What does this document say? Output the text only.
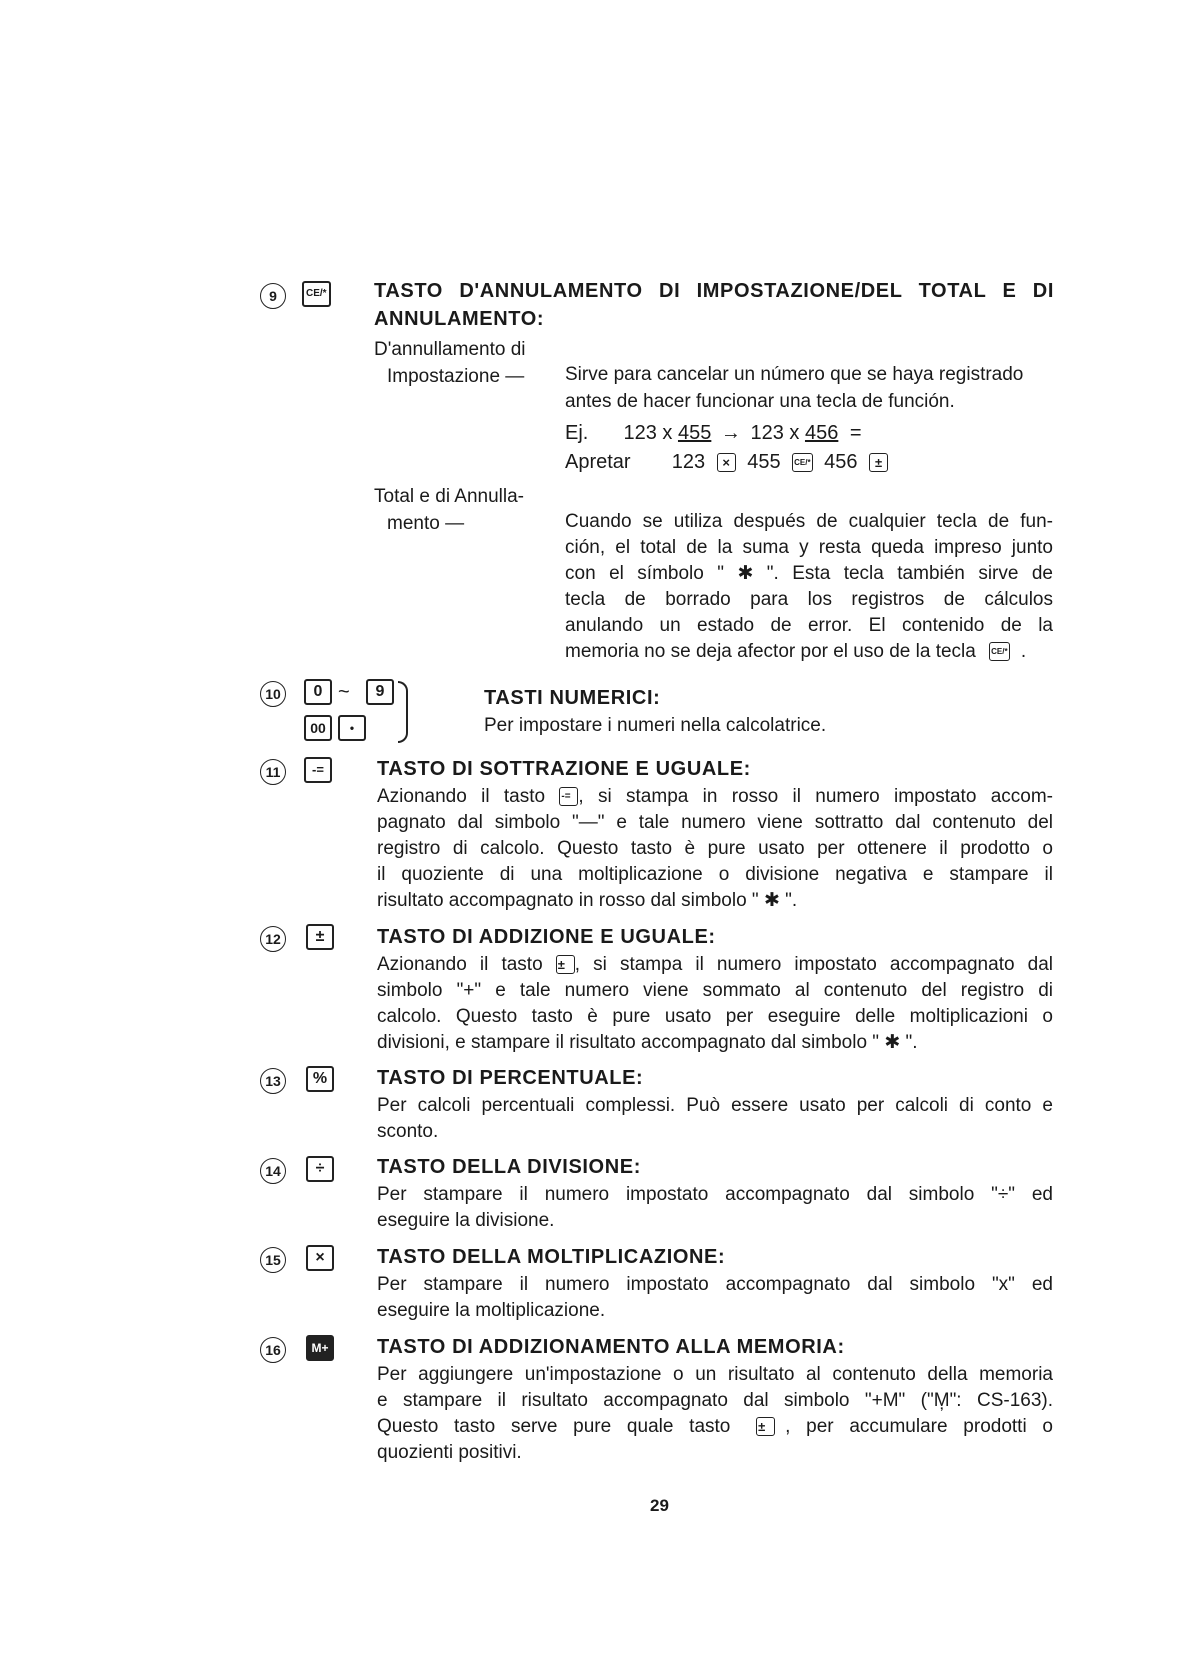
9	CE/* TASTO D'ANNULAMENTO DI IMPOSTAZIONE/DEL TOTAL E DI
ANNULAMENTO:
D'annullamento di
Impostazione — Sirve para cancelar un número que se haya registrado
antes de hacer funcionar una tecla de función.
Ej. 123 x 455 → 123 x 456 =
Apretar 123 × 455 CE/* 456 ±
Total e di Annulla-
mento —	Cuando se utiliza después de cualquier tecla de fun-
ción, el total de la suma y resta queda impreso junto
con el símbolo " ✱ ". Esta tecla también sirve de
tecla de borrado para los registros de cálculos
anulando un estado de error. El contenido de la
memoria no se deja afector por el uso de la tecla CE/* .
10	0 ~	9
00	•
TASTI NUMERICI:
Per impostare i numeri nella calcolatrice.
11	-=	TASTO DI SOTTRAZIONE E UGUALE:
Azionando il tasto -= , si stampa in rosso il numero impostato accom-
pagnato dal simbolo "—" e tale numero viene sottratto dal contenuto del
registro di calcolo. Questo tasto è pure usato per ottenere il prodotto o
il quoziente di una moltiplicazione o divisione negativa e stampare il
risultato accompagnato in rosso dal simbolo " ✱ ".
12	±	TASTO DI ADDIZIONE E UGUALE:
Azionando il tasto ± , si stampa il numero impostato accompagnato dal
simbolo "+" e tale numero viene sommato al contenuto del registro di
calcolo. Questo tasto è pure usato per eseguire delle moltiplicazioni o
divisioni, e stampare il risultato accompagnato dal simbolo " ✱ ".
13	%	TASTO DI PERCENTUALE:
Per calcoli percentuali complessi. Può essere usato per calcoli di conto e
sconto.
14	÷	TASTO DELLA DIVISIONE:
Per stampare il numero impostato accompagnato dal simbolo "÷" ed
eseguire la divisione.
15	×	TASTO DELLA MOLTIPLICAZIONE:
Per stampare il numero impostato accompagnato dal simbolo "x" ed
eseguire la moltiplicazione.
16	M+ TASTO DI ADDIZIONAMENTO ALLA MEMORIA:
Per aggiungere un'impostazione o un risultato al contenuto della memoria
e stampare il risultato accompagnato dal simbolo "+M" ("M̦": CS-163).
Questo tasto serve pure quale tasto ± , per accumulare prodotti o
quozienti positivi.
29
